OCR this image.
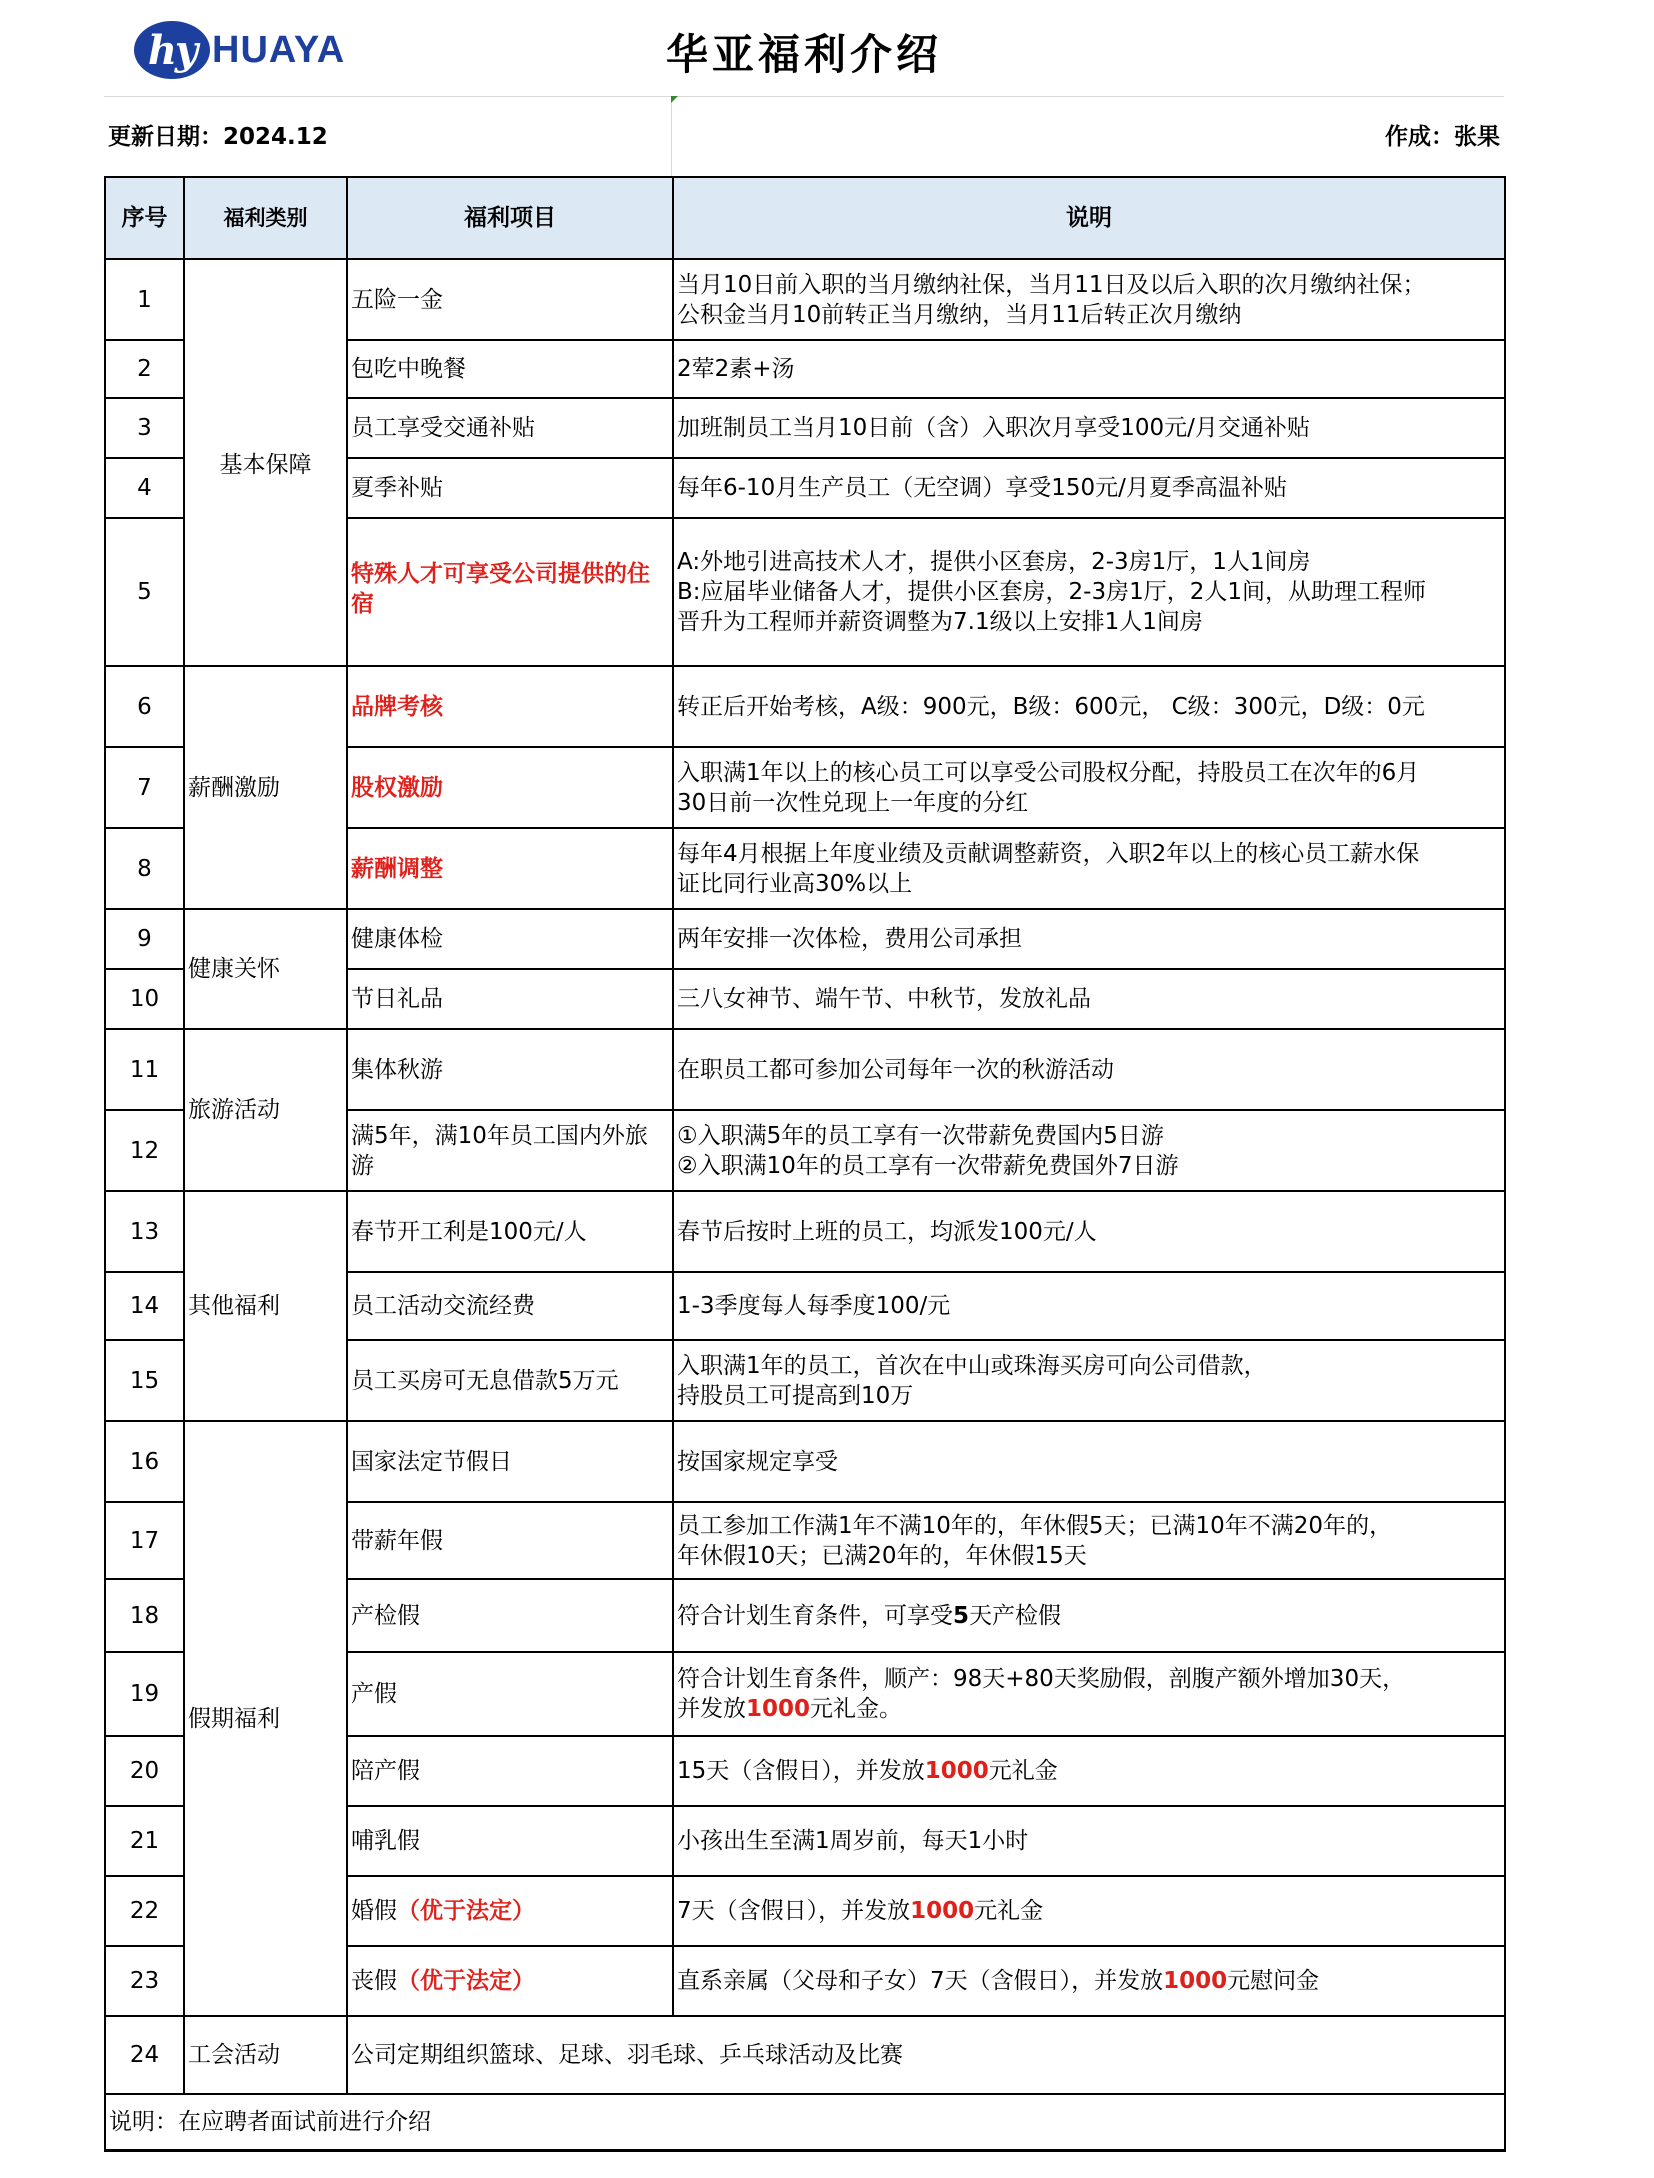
hy HUAYA	华亚福利介绍
更新日期：2024.12	作成：张果
序号	福利类别	福利项目	说明
1	基本保障	五险一金	当月10日前入职的当月缴纳社保，当月11日及以后入职的次月缴纳社保；
公积金当月10前转正当月缴纳，当月11后转正次月缴纳

2		包吃中晚餐	2荤2素+汤
3		员工享受交通补贴	加班制员工当月10日前（含）入职次月享受100元/月交通补贴
4		夏季补贴	每年6-10月生产员工（无空调）享受150元/月夏季高温补贴
5		特殊人才可享受公司提供的住宿	A:外地引进高技术人才，提供小区套房，2-3房1厅，1人1间房
B:应届毕业储备人才，提供小区套房，2-3房1厅，2人1间，从助理工程师
晋升为工程师并薪资调整为7.1级以上安排1人1间房

6	薪酬激励	品牌考核	转正后开始考核，A级：900元，B级：600元， C级：300元，D级：0元
7		股权激励	入职满1年以上的核心员工可以享受公司股权分配，持股员工在次年的6月
30日前一次性兑现上一年度的分红

8		薪酬调整	每年4月根据上年度业绩及贡献调整薪资，入职2年以上的核心员工薪水保
证比同行业高30%以上

9	健康关怀	健康体检	两年安排一次体检，费用公司承担
10		节日礼品	三八女神节、端午节、中秋节，发放礼品
11	旅游活动	集体秋游	在职员工都可参加公司每年一次的秋游活动
12		满5年，满10年员工国内外旅游	①入职满5年的员工享有一次带薪免费国内5日游
②入职满10年的员工享有一次带薪免费国外7日游

13	其他福利	春节开工利是100元/人	春节后按时上班的员工，均派发100元/人
14		员工活动交流经费	1-3季度每人每季度100/元
15		员工买房可无息借款5万元	入职满1年的员工，首次在中山或珠海买房可向公司借款，
持股员工可提高到10万

16	假期福利	国家法定节假日	按国家规定享受
17		带薪年假	员工参加工作满1年不满10年的，年休假5天；已满10年不满20年的，
年休假10天；已满20年的，年休假15天

18		产检假	符合计划生育条件，可享受5天产检假
19		产假	符合计划生育条件，顺产：98天+80天奖励假，剖腹产额外增加30天，
并发放1000元礼金。

20		陪产假	15天（含假日），并发放1000元礼金
21		哺乳假	小孩出生至满1周岁前，每天1小时
22		婚假（优于法定）	7天（含假日），并发放1000元礼金
23		丧假（优于法定）	直系亲属（父母和子女）7天（含假日），并发放1000元慰问金
24	工会活动	公司定期组织篮球、足球、羽毛球、乒乓球活动及比赛	
说明：在应聘者面试前进行介绍			
